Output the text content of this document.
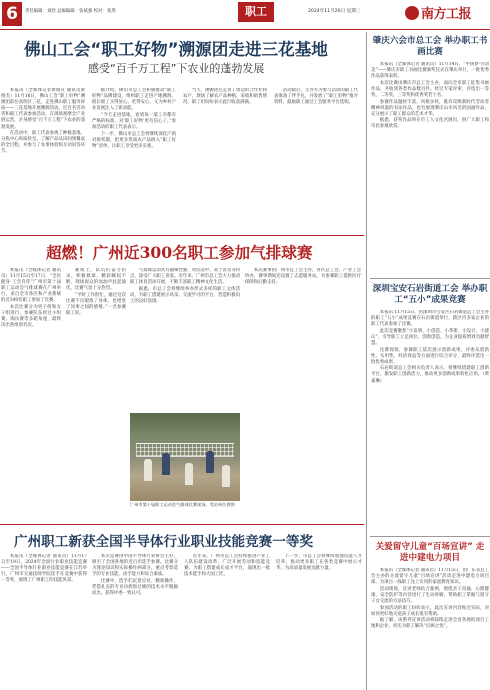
6	责任编辑：刘欣 总编编辑：张斌强 校对：张然	职工	2024年11月20日 星期三	南方工报
佛山工会“职工好物”溯源团走进三花基地
感受“百千万工程”下农业的蓬勃发展

本报讯（全媒体记者黄瑞宣 通讯员梁俊杰）11月16日，佛山工会“职工好物”溯源团前往高明区三花，走进佛山职工服务驿站——三花基地开展溯源活动。近百名劳动者和职工代表参加活动，在现场观摩全产业链运营，亲身感受“百千万工程”下农业的蓬勃发展。

在活动中，职工代表参观了种植基地、分拣中心和质检室，了解产品从田间到餐桌的全过程，并参与了农事体验和互动问答环节。

据介绍，佛山市总工会积极推动“职工好物”品牌建设，组织职工走进产地溯源，既让职工买得放心、吃得安心，又为乡村产业发展注入了新动能。

“今天走进基地，看到每一道工序都有严格的标准，对‘职工好物’更有信心了。”参加活动的职工代表表示。

下一步，佛山市总工会将继续深化产销对接机制，把更多优质农产品纳入“职工好物”清单，让职工享受更多实惠。

当天，溯源团还走访了周边的合作社和农户，现场了解农产品种植、采收和销售情况，职工们纷纷表示此行收获满满。

活动最后，主办方为参与活动的职工代表准备了伴手礼，并发放了“职工好物”推介资料，鼓励职工通过工会服务平台选购。

超燃！广州近300名职工参加气排球赛

本报讯（全媒体记者 通讯员）11月15日至17日，“全民健身·工会有你”广州市第十届职工运动会气排球赛在广州举行，来自全市各区和产业系统的近300名职工参加了比赛。

本次比赛分为男子组和女子组进行，参赛队伍经过小组赛、淘汰赛等多轮角逐，最终决出各组别名次。

赛场上，队员们奋力扣杀、积极救球，精彩瞬间不断，现场观众的加油声此起彼伏，比赛气氛十分热烈。

“平时工作很忙，通过这次比赛不仅锻炼了身体，也增进了同事之间的感情。”一名参赛职工说。

气排球运动具有趣味性强、对抗适中、易于普及等特点，深受广大职工喜爱。近年来，广州市总工会大力推动职工体育活动开展，不断丰富职工精神文化生活。

据悉，市总工会将继续举办形式多样的职工文体活动，为职工搭建展示风采、交流学习的平台，营造积极向上的良好氛围。

本次赛事由广州市总工会主办，各区总工会、产业工会协办，赛事期间还设置了志愿服务站，为参赛职工提供医疗保障和后勤支持。

广州市第十届职工运动会气排球比赛现场。受访单位供图
广州职工新获全国半导体行业职业技能竞赛一等奖

本报讯（全媒体记者 通讯员）11月17日至19日，2024年全国行业职业技能竞赛——全国半导体行业职业技能竞赛在江苏举行，广州市交通技师学院选手在竞赛中获得一等奖，展现了广州职工的技能风采。

本次竞赛由中国半导体行业协会主办，吸引了全国各地的近百名选手参赛。比赛分为理论知识和实际操作两部分，重点考察选手的专业技能、动手能力和综合素质。

比赛中，选手们沉着应对、精准操作，凭借扎实的专业功底和过硬的技术水平脱颖而出，获得评委一致认可。

近年来，广州市总工会持续推进产业工人队伍建设改革，广泛开展劳动和技能竞赛，为职工搭建成长成才平台，涌现出一批技术能手和大国工匠。

下一步，市总工会将继续加强技能人才培养，推动更多职工在各类竞赛中展示才华，为高质量发展贡献力量。

肇庆六会市总工会 举办职工书画比赛

本报讯（全媒体记者 通讯员）11月14日，“中国梦·劳动美”——肇庆市职工书画比赛颁奖仪式在肇庆举行，一批优秀作品获得表彰。

本次比赛由肇庆市总工会主办，面向全市职工征集书画作品，共收到各类作品数百件。经过专家评审，评选出一等奖、二等奖、三等奖和优秀奖若干名。

参赛作品题材丰富、风格多样，既有反映新时代劳动者精神风貌的书法作品，也有展现肇庆山水风光的国画作品，充分展示了职工群众的艺术才华。

据悉，获奖作品将在市工人文化宫展出，供广大职工和市民参观欣赏。

深圳宝安石岩街道工会 举办职工“五小”成果竞赛

本报讯 11月15日，由深圳市宝安区石岩街道总工会主办的职工“五小”成果竞赛在石岩街道举行，辖区内多家企业的职工代表参加了比赛。

此次竞赛聚焦“小发明、小创造、小革新、小设计、小建议”，引导职工立足岗位、创新创造，为企业提质增效贡献智慧。

比赛现场，参赛职工依次展示创新成果，评委从创新性、实用性、经济效益等方面进行综合评分，最终评选出一批优秀成果。

石岩街道总工会相关负责人表示，将继续搭建职工创新平台，激发职工创新活力，推动更多创新成果转化应用。（黄嘉琳）

关爱留守儿童“百场宣讲” 走进中建电力项目

本报讯（全媒体记者 通讯员）11月15日，由广东省总工会主办的关爱留守儿童“百场宣讲”活动走进中建电力项目部，为项目一线职工送上实用的家庭教育知识。

活动现场，宣讲老师结合案例，围绕亲子沟通、心理健康、安全防护等内容进行了生动讲解，帮助职工掌握与留守子女交流的方法技巧。

参加活动的职工纷纷表示，此次宣讲内容贴近实际，对如何更好地关爱孩子成长很有帮助。

据了解，该系列宣讲活动将陆续走进全省各地的项目工地和企业，切实为职工解决“后顾之忧”。
